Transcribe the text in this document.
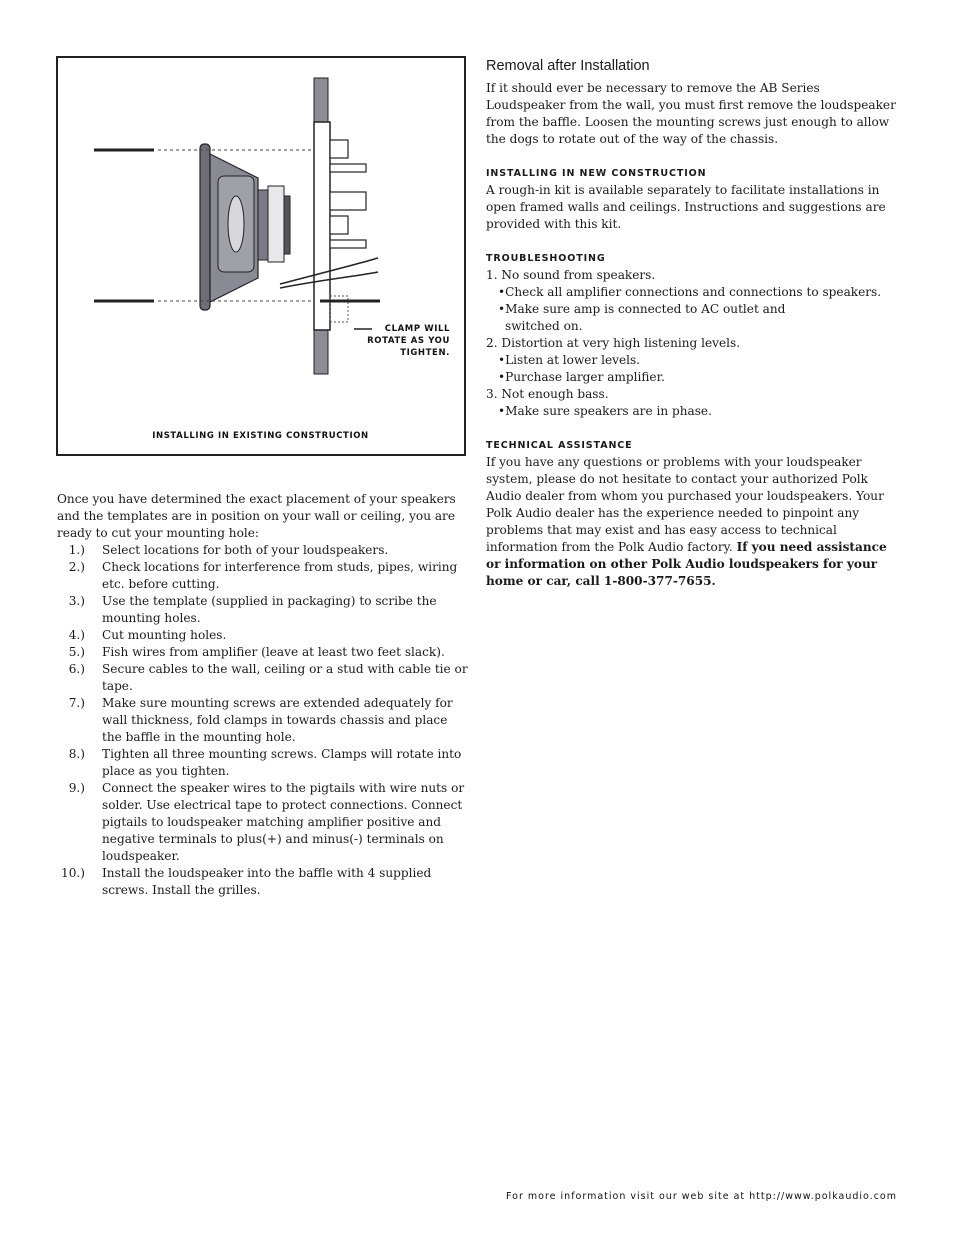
CLAMP WILL
ROTATE AS YOU
TIGHTEN.
INSTALLING IN EXISTING CONSTRUCTION

Once you have determined the exact placement of your speakers and the templates are in position on your wall or ceiling, you are ready to cut your mounting hole:

1.) Select locations for both of your loudspeakers.
2.) Check locations for interference from studs, pipes, wiring etc. before cutting.
3.) Use the template (supplied in packaging) to scribe the mounting holes.
4.) Cut mounting holes.
5.) Fish wires from amplifier (leave at least two feet slack).
6.) Secure cables to the wall, ceiling or a stud with cable tie or tape.
7.) Make sure mounting screws are extended adequately for wall thickness, fold clamps in towards chassis and place the baffle in the mounting hole.
8.) Tighten all three mounting screws. Clamps will rotate into place as you tighten.
9.) Connect the speaker wires to the pigtails with wire nuts or solder. Use electrical tape to protect connections. Connect pigtails to loudspeaker matching amplifier positive and negative terminals to plus(+) and minus(-) terminals on loudspeaker.
10.) Install the loudspeaker into the baffle with 4 supplied screws. Install the grilles.
Removal after Installation

If it should ever be necessary to remove the AB Series Loudspeaker from the wall, you must first remove the loudspeaker from the baffle. Loosen the mounting screws just enough to allow the dogs to rotate out of the way of the chassis.

INSTALLING IN NEW CONSTRUCTION

A rough-in kit is available separately to facilitate installations in open framed walls and ceilings. Instructions and suggestions are provided with this kit.

TROUBLESHOOTING
1. No sound from speakers.
•Check all amplifier connections and connections to speakers.
•Make sure amp is connected to AC outlet and
switched on.
2. Distortion at very high listening levels.
•Listen at lower levels.
•Purchase larger amplifier.
3. Not enough bass.
•Make sure speakers are in phase.
TECHNICAL ASSISTANCE

If you have any questions or problems with your loudspeaker system, please do not hesitate to contact your authorized Polk Audio dealer from whom you purchased your loudspeakers. Your Polk Audio dealer has the experience needed to pinpoint any problems that may exist and has easy access to technical information from the Polk Audio factory. If you need assistance or information on other Polk Audio loudspeakers for your home or car, call 1-800-377-7655.

For more information visit our web site at http://www.polkaudio.com
